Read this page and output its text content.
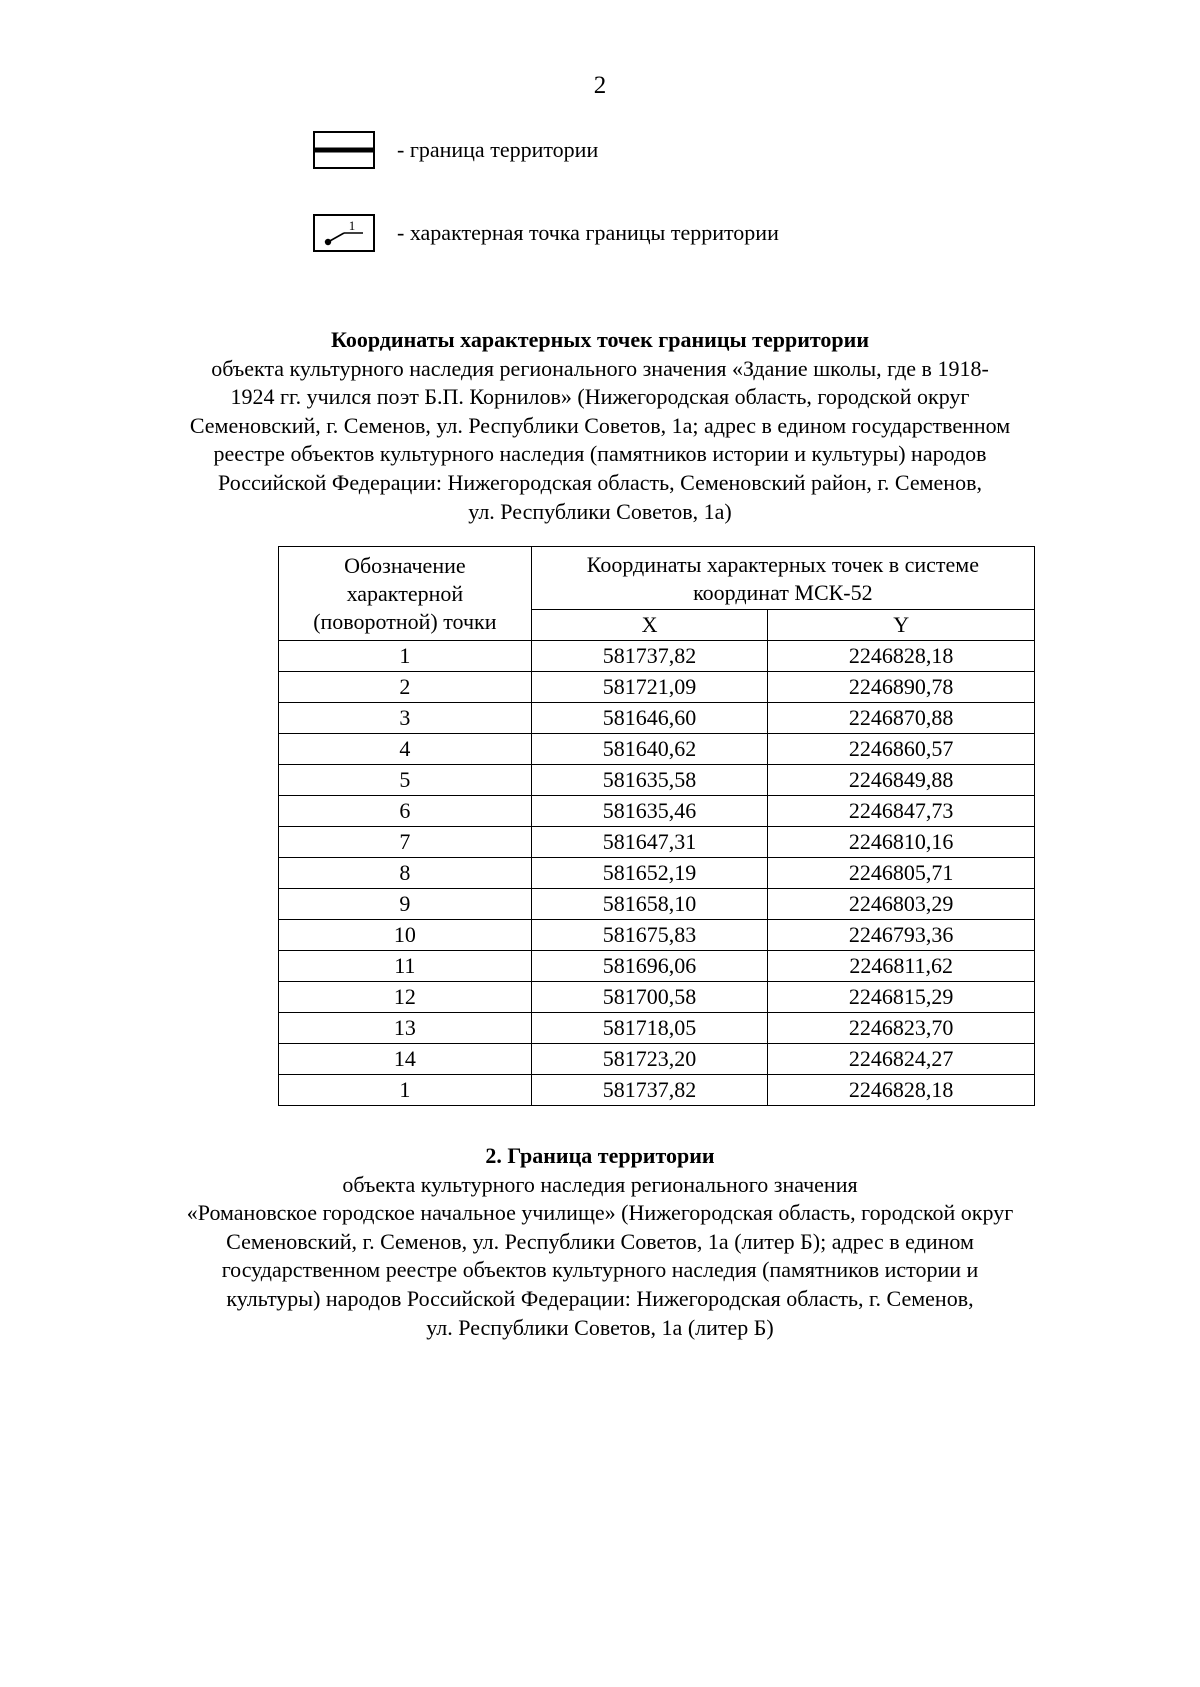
2
- граница территории
1 - характерная точка границы территории
Координаты характерных точек границы территории
объекта культурного наследия регионального значения «Здание школы, где в 1918-
1924 гг. учился поэт Б.П. Корнилов» (Нижегородская область, городской округ
Семеновский, г. Семенов, ул. Республики Советов, 1а; адрес в едином государственном
реестре объектов культурного наследия (памятников истории и культуры) народов
Российской Федерации: Нижегородская область, Семеновский район, г. Семенов,
ул. Республики Советов, 1а)
Обозначение
характерной
(поворотной) точки	Координаты характерных точек в системе
координат МСК-52	
	X	Y
1	581737,82	2246828,18
2	581721,09	2246890,78
3	581646,60	2246870,88
4	581640,62	2246860,57
5	581635,58	2246849,88
6	581635,46	2246847,73
7	581647,31	2246810,16
8	581652,19	2246805,71
9	581658,10	2246803,29
10	581675,83	2246793,36
11	581696,06	2246811,62
12	581700,58	2246815,29
13	581718,05	2246823,70
14	581723,20	2246824,27
1	581737,82	2246828,18
2. Граница территории
объекта культурного наследия регионального значения
«Романовское городское начальное училище» (Нижегородская область, городской округ
Семеновский, г. Семенов, ул. Республики Советов, 1а (литер Б); адрес в едином
государственном реестре объектов культурного наследия (памятников истории и
культуры) народов Российской Федерации: Нижегородская область, г. Семенов,
ул. Республики Советов, 1а (литер Б)
